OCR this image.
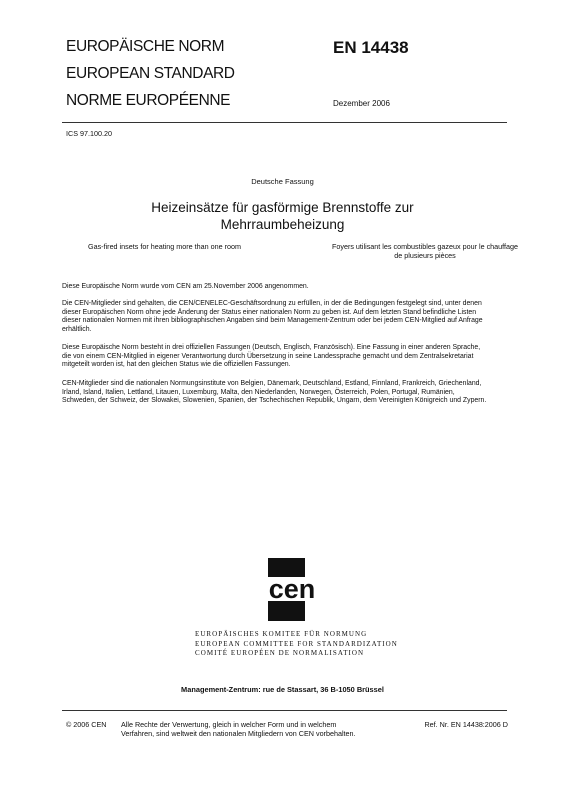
EUROPÄISCHE NORM
EUROPEAN STANDARD
NORME EUROPÉENNE
EN 14438
Dezember 2006
ICS 97.100.20
Deutsche Fassung
Heizeinsätze für gasförmige Brennstoffe zur
Mehrraumbeheizung
Gas-fired insets for heating more than one room	Foyers utilisant les combustibles gazeux pour le chauffage
de plusieurs pièces

Diese Europäische Norm wurde vom CEN am 25.November 2006 angenommen.

Die CEN-Mitglieder sind gehalten, die CEN/CENELEC-Geschäftsordnung zu erfüllen, in der die Bedingungen festgelegt sind, unter denen

dieser Europäischen Norm ohne jede Änderung der Status einer nationalen Norm zu geben ist. Auf dem letzten Stand befindliche Listen

dieser nationalen Normen mit ihren bibliographischen Angaben sind beim Management-Zentrum oder bei jedem CEN-Mitglied auf Anfrage

erhältlich.

Diese Europäische Norm besteht in drei offiziellen Fassungen (Deutsch, Englisch, Französisch). Eine Fassung in einer anderen Sprache,

die von einem CEN-Mitglied in eigener Verantwortung durch Übersetzung in seine Landessprache gemacht und dem Zentralsekretariat

mitgeteilt worden ist, hat den gleichen Status wie die offiziellen Fassungen.

CEN-Mitglieder sind die nationalen Normungsinstitute von Belgien, Dänemark, Deutschland, Estland, Finnland, Frankreich, Griechenland,

Irland, Island, Italien, Lettland, Litauen, Luxemburg, Malta, den Niederlanden, Norwegen, Österreich, Polen, Portugal, Rumänien,

Schweden, der Schweiz, der Slowakei, Slowenien, Spanien, der Tschechischen Republik, Ungarn, dem Vereinigten Königreich und Zypern.

cen
EUROPÄISCHES KOMITEE FÜR NORMUNG
EUROPEAN COMMITTEE FOR STANDARDIZATION
COMITÉ EUROPÉEN DE NORMALISATION
Management-Zentrum: rue de Stassart, 36 B-1050 Brüssel
© 2006 CEN Alle Rechte der Verwertung, gleich in welcher Form und in welchem
Verfahren, sind weltweit den nationalen Mitgliedern von CEN vorbehalten.
Ref. Nr. EN 14438:2006 D
